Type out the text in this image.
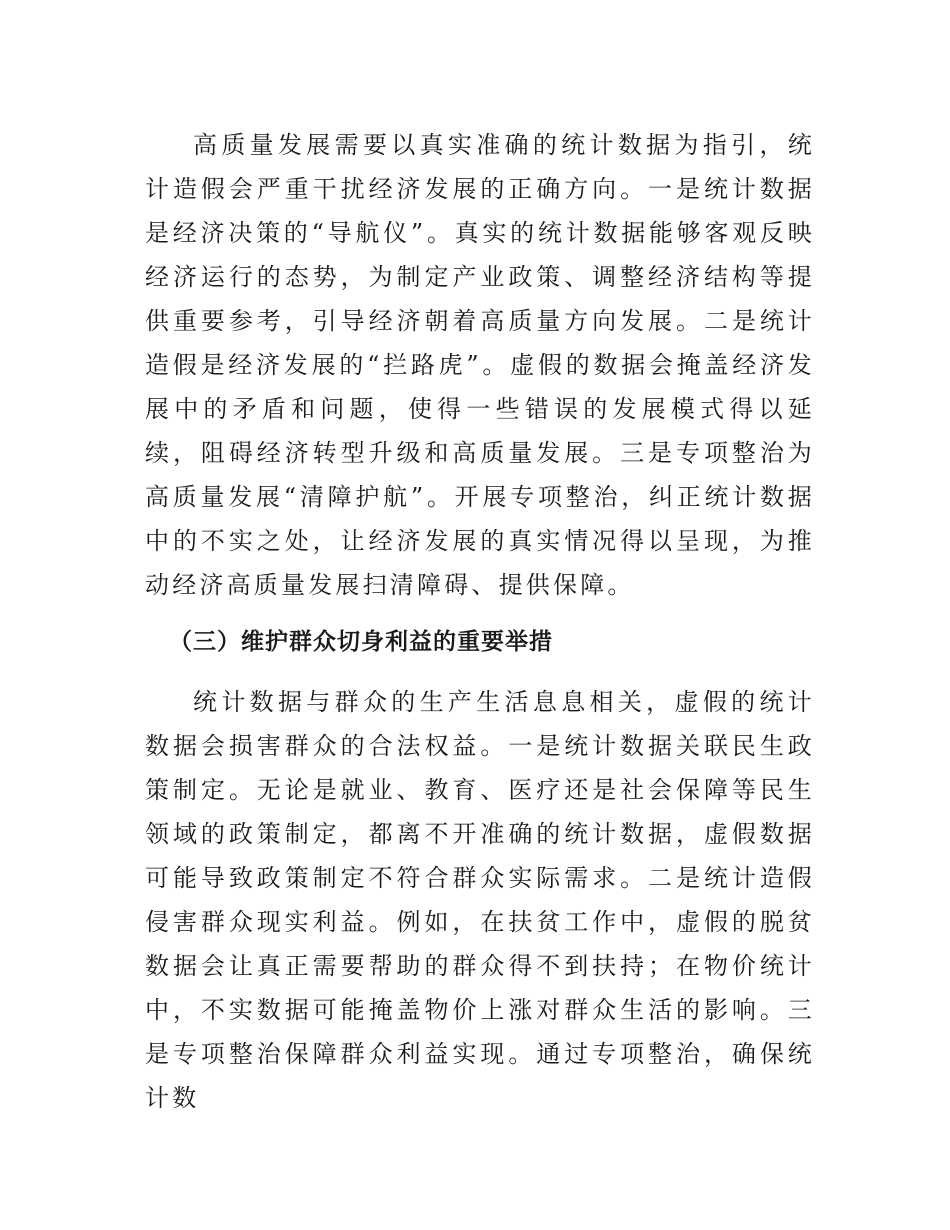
高质量发展需要以真实准确的统计数据为指引，统计造假会严重干扰经济发展的正确方向。一是统计数据是经济决策的“导航仪”。真实的统计数据能够客观反映经济运行的态势，为制定产业政策、调整经济结构等提供重要参考，引导经济朝着高质量方向发展。二是统计造假是经济发展的“拦路虎”。虚假的数据会掩盖经济发展中的矛盾和问题，使得一些错误的发展模式得以延续，阻碍经济转型升级和高质量发展。三是专项整治为高质量发展“清障护航”。开展专项整治，纠正统计数据中的不实之处，让经济发展的真实情况得以呈现，为推动经济高质量发展扫清障碍、提供保障。

（三）维护群众切身利益的重要举措

统计数据与群众的生产生活息息相关，虚假的统计数据会损害群众的合法权益。一是统计数据关联民生政策制定。无论是就业、教育、医疗还是社会保障等民生领域的政策制定，都离不开准确的统计数据，虚假数据可能导致政策制定不符合群众实际需求。二是统计造假侵害群众现实利益。例如，在扶贫工作中，虚假的脱贫数据会让真正需要帮助的群众得不到扶持；在物价统计中，不实数据可能掩盖物价上涨对群众生活的影响。三是专项整治保障群众利益实现。通过专项整治，确保统计数
